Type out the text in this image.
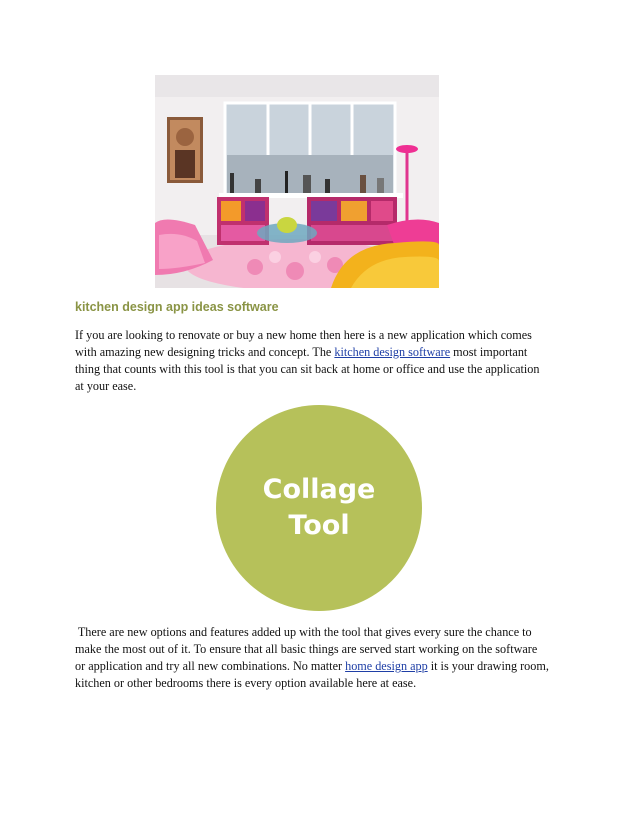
kitchen design app ideas software

If you are looking to renovate or buy a new home then here is a new application which comes
with amazing new designing tricks and concept. The kitchen design software most important
thing that counts with this tool is that you can sit back at home or office and use the application
at your ease.

Collage
Tool

There are new options and features added up with the tool that gives every sure the chance to
make the most out of it. To ensure that all basic things are served start working on the software
or application and try all new combinations. No matter home design app it is your drawing room,
kitchen or other bedrooms there is every option available here at ease.
